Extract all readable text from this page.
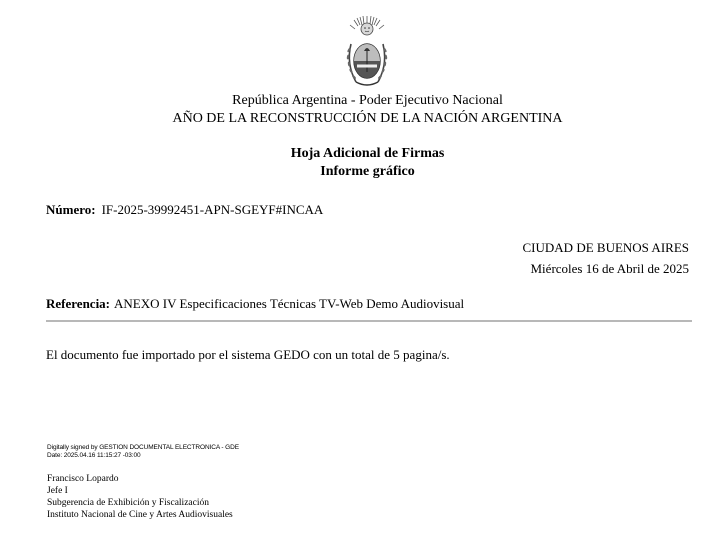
República Argentina - Poder Ejecutivo Nacional
AÑO DE LA RECONSTRUCCIÓN DE LA NACIÓN ARGENTINA
Hoja Adicional de Firmas
Informe gráfico
Número: IF-2025-39992451-APN-SGEYF#INCAA
CIUDAD DE BUENOS AIRES
Miércoles 16 de Abril de 2025
Referencia: ANEXO IV Especificaciones Técnicas TV-Web Demo Audiovisual
El documento fue importado por el sistema GEDO con un total de 5 pagina/s.
Digitally signed by GESTION DOCUMENTAL ELECTRONICA - GDE
Date: 2025.04.16 11:15:27 -03:00
Francisco Lopardo
Jefe I
Subgerencia de Exhibición y Fiscalización
Instituto Nacional de Cine y Artes Audiovisuales
